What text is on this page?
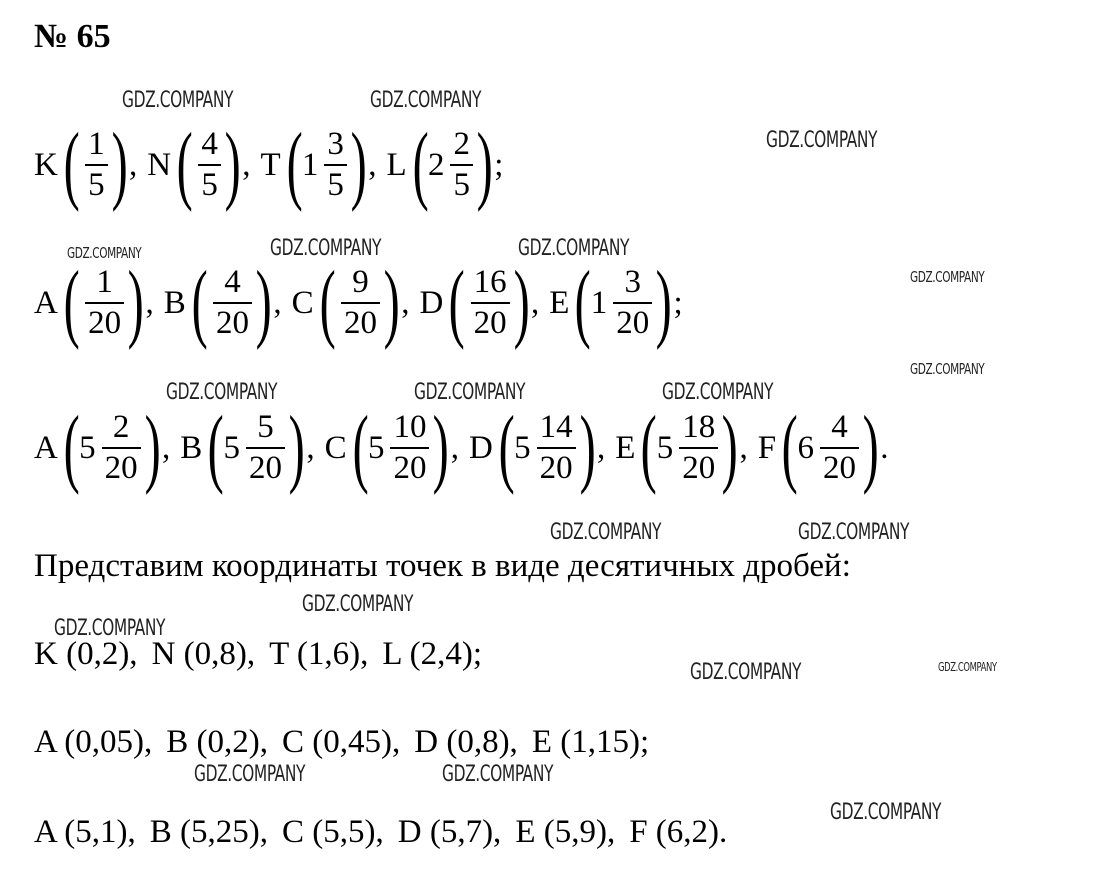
№ 65
K ( $\frac{1}{5}$ ) , N ( $\frac{4}{5}$ ) , T ( $1 \frac{3}{5}$ ) , L ( $2 \frac{2}{5}$ ) ;
A ( $\frac{1}{20}$ ) , B ( $\frac{4}{20}$ ) , C ( $\frac{9}{20}$ ) , D ( $\frac{16}{20}$ ) , E ( $1 \frac{3}{20}$ ) ;
A ( $5 \frac{2}{20}$ ) , B ( $5 \frac{5}{20}$ ) , C ( $5 \frac{10}{20}$ ) , D ( $5 \frac{14}{20}$ ) , E ( $5 \frac{18}{20}$ ) , F ( $6 \frac{4}{20}$ ) .
Представим координаты точек в виде десятичных дробей:
K (0,2), N (0,8), T (1,6), L (2,4);
A (0,05), B (0,2), C (0,45), D (0,8), E (1,15);
A (5,1), B (5,25), C (5,5), D (5,7), E (5,9), F (6,2).
GDZ.COMPANY	GDZ.COMPANY
GDZ.COMPANY
GDZ.COMPANY	GDZ.COMPANY	GDZ.COMPANY
GDZ.COMPANY
GDZ.COMPANY
GDZ.COMPANY	GDZ.COMPANY	GDZ.COMPANY
GDZ.COMPANY	GDZ.COMPANY
GDZ.COMPANY
GDZ.COMPANY
GDZ.COMPANY	GDZ.COMPANY
GDZ.COMPANY	GDZ.COMPANY
GDZ.COMPANY
